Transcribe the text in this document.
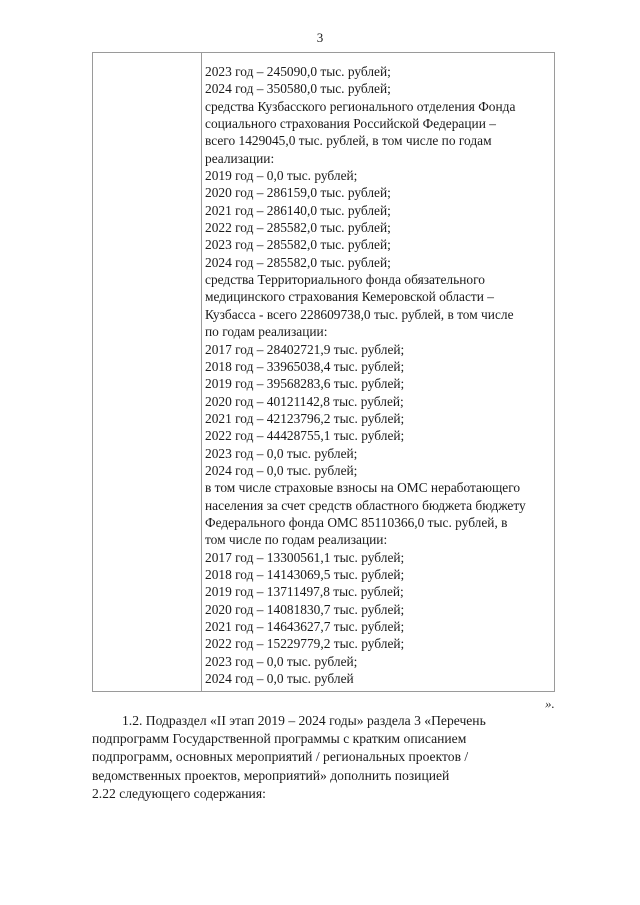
3
2023 год – 245090,0 тыс. рублей;
2024 год – 350580,0 тыс. рублей;
средства Кузбасского регионального отделения Фонда
социального страхования Российской Федерации –
всего 1429045,0 тыс. рублей, в том числе по годам
реализации:
2019 год – 0,0 тыс. рублей;
2020 год – 286159,0 тыс. рублей;
2021 год – 286140,0 тыс. рублей;
2022 год – 285582,0 тыс. рублей;
2023 год – 285582,0 тыс. рублей;
2024 год – 285582,0 тыс. рублей;
средства Территориального фонда обязательного
медицинского страхования Кемеровской области –
Кузбасса - всего 228609738,0 тыс. рублей, в том числе
по годам реализации:
2017 год – 28402721,9 тыс. рублей;
2018 год – 33965038,4 тыс. рублей;
2019 год – 39568283,6 тыс. рублей;
2020 год – 40121142,8 тыс. рублей;
2021 год – 42123796,2 тыс. рублей;
2022 год – 44428755,1 тыс. рублей;
2023 год – 0,0 тыс. рублей;
2024 год – 0,0 тыс. рублей;
в том числе страховые взносы на ОМС неработающего
населения за счет средств областного бюджета бюджету
Федерального фонда ОМС 85110366,0 тыс. рублей, в
том числе по годам реализации:
2017 год – 13300561,1 тыс. рублей;
2018 год – 14143069,5 тыс. рублей;
2019 год – 13711497,8 тыс. рублей;
2020 год – 14081830,7 тыс. рублей;
2021 год – 14643627,7 тыс. рублей;
2022 год – 15229779,2 тыс. рублей;
2023 год – 0,0 тыс. рублей;
2024 год – 0,0 тыс. рублей
».
1.2. Подраздел «II этап 2019 – 2024 годы» раздела 3 «Перечень
подпрограмм Государственной программы с кратким описанием
подпрограмм, основных мероприятий / региональных проектов /
ведомственных проектов, мероприятий» дополнить позицией
2.22 следующего содержания:
